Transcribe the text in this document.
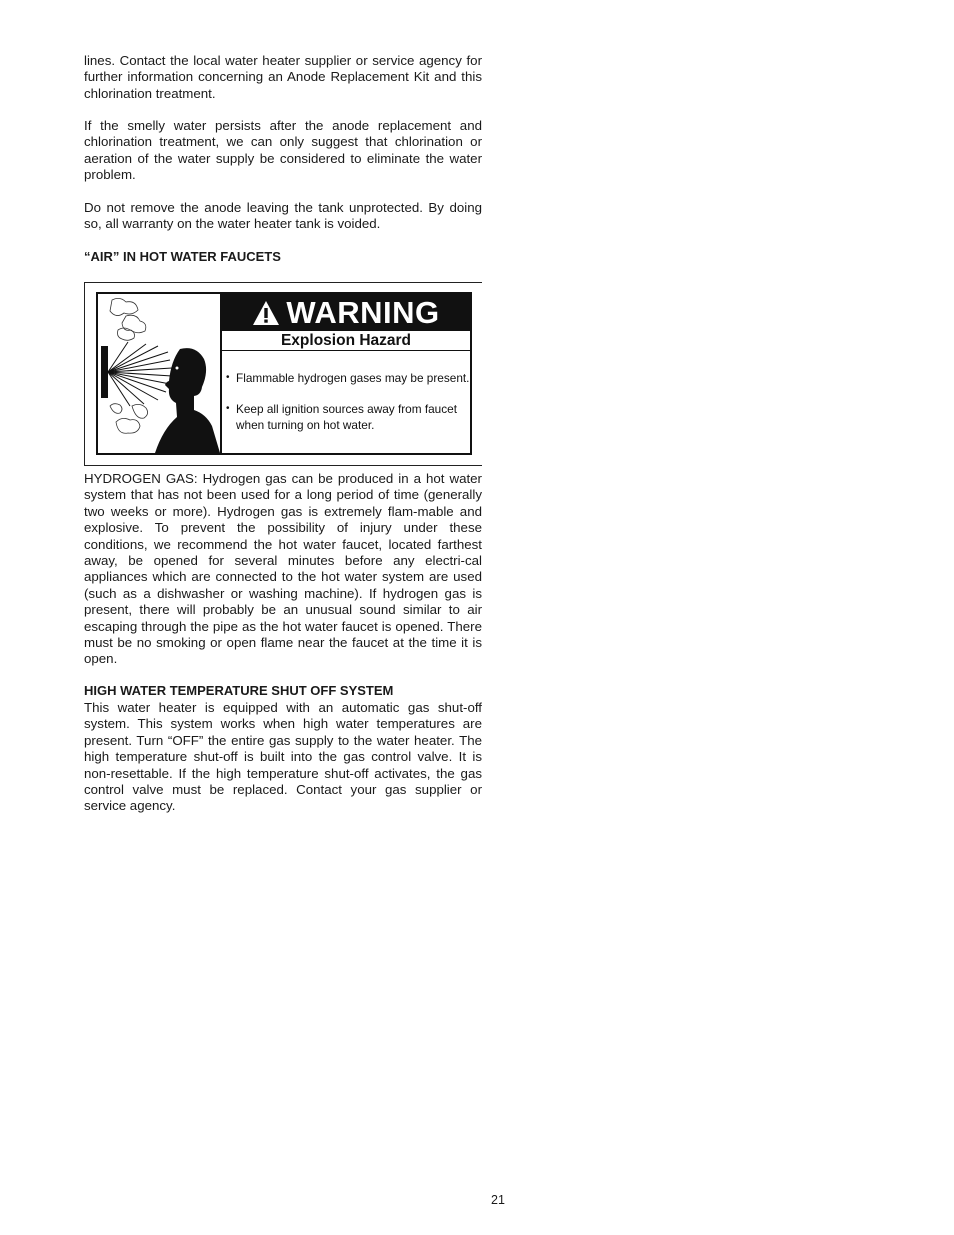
lines. Contact the local water heater supplier or service agency for further information concerning an Anode Replacement Kit and this chlorination treatment.

If the smelly water persists after the anode replacement and chlorination treatment, we can only suggest that chlorination or aeration of the water supply be considered to eliminate the water problem.

Do not remove the anode leaving the tank unprotected. By doing so, all warranty on the water heater tank is voided.

“AIR” IN HOT WATER FAUCETS
WARNING
Explosion Hazard
• Flammable hydrogen gases may be present.
• Keep all ignition sources away from faucet when turning on hot water.

HYDROGEN GAS: Hydrogen gas can be produced in a hot water system that has not been used for a long period of time (generally two weeks or more). Hydrogen gas is extremely flam-mable and explosive. To prevent the possibility of injury under these conditions, we recommend the hot water faucet, located farthest away, be opened for several minutes before any electri-cal appliances which are connected to the hot water system are used (such as a dishwasher or washing machine). If hydrogen gas is present, there will probably be an unusual sound similar to air escaping through the pipe as the hot water faucet is opened. There must be no smoking or open flame near the faucet at the time it is open.

HIGH WATER TEMPERATURE SHUT OFF SYSTEM

This water heater is equipped with an automatic gas shut-off system. This system works when high water temperatures are present. Turn “OFF” the entire gas supply to the water heater. The high temperature shut-off is built into the gas control valve. It is non-resettable. If the high temperature shut-off activates, the gas control valve must be replaced. Contact your gas supplier or service agency.

21
